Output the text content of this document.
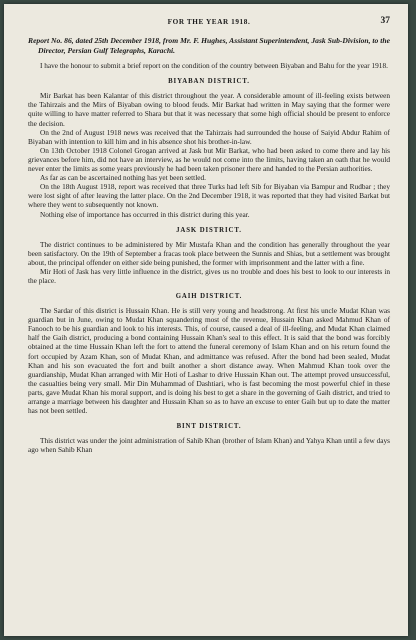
FOR THE YEAR 1918.	37
Report No. 86, dated 25th December 1918, from Mr. F. Hughes, Assistant Superintendent, Jask Sub-Division, to the Director, Persian Gulf Telegraphs, Karachi.

I have the honour to submit a brief report on the condition of the country between Biyaban and Bahu for the year 1918.

BIYABAN DISTRICT.

Mir Barkat has been Kalantar of this district throughout the year. A considerable amount of ill-feeling exists between the Tahirzais and the Mirs of Biyaban owing to blood feuds. Mir Barkat had written in May saying that the former were quite willing to have matter referred to Shara but that it was necessary that some high official should be present to enforce the decision.

On the 2nd of August 1918 news was received that the Tahirzais had surrounded the house of Saiyid Abdur Rahim of Biyaban with intention to kill him and in his absence shot his brother-in-law.

On 13th October 1918 Colonel Grogan arrived at Jask but Mir Barkat, who had been asked to come there and lay his grievances before him, did not have an interview, as he would not come into the limits, having taken an oath that he would never enter the limits as some years previously he had been taken prisoner there and handed to the Persian authorities.

As far as can be ascertained nothing has yet been settled.

On the 18th August 1918, report was received that three Turks had left Sib for Biyaban via Bampur and Rudbar ; they were lost sight of after leaving the latter place. On the 2nd December 1918, it was reported that they had visited Barkat but where they went to subsequently not known.

Nothing else of importance has occurred in this district during this year.

JASK DISTRICT.

The district continues to be administered by Mir Mustafa Khan and the condition has generally throughout the year been satisfactory. On the 19th of September a fracas took place between the Sunnis and Shias, but a settlement was brought about, the principal offender on either side being punished, the former with imprisonment and the latter with a fine.

Mir Hoti of Jask has very little influence in the district, gives us no trouble and does his best to look to our interests in the place.

GAIH DISTRICT.

The Sardar of this district is Hussain Khan. He is still very young and headstrong. At first his uncle Mudat Khan was guardian but in June, owing to Mudat Khan squandering most of the revenue, Hussain Khan asked Mahmud Khan of Fanooch to be his guardian and look to his interests. This, of course, caused a deal of ill-feeling, and Mudat Khan claimed half the Gaih district, producing a bond containing Hussain Khan's seal to this effect. It is said that the bond was forcibly obtained at the time Hussain Khan left the fort to attend the funeral ceremony of Islam Khan and on his return found the fort occupied by Azam Khan, son of Mudat Khan, and admittance was refused. After the bond had been sealed, Mudat Khan and his son evacuated the fort and built another a short distance away. When Mahmud Khan took over the guardianship, Mudat Khan arranged with Mir Hoti of Lashar to drive Hussain Khan out. The attempt proved unsuccessful, the casualties being very small. Mir Din Muhammad of Dashtiari, who is fast becoming the most powerful chief in these parts, gave Mudat Khan his moral support, and is doing his best to get a share in the governing of Gaih district, and tried to arrange a marriage between his daughter and Hussain Khan so as to have an excuse to enter Gaih but up to date the matter has not been settled.

BINT DISTRICT.

This district was under the joint administration of Sahib Khan (brother of Islam Khan) and Yahya Khan until a few days ago when Sahib Khan
